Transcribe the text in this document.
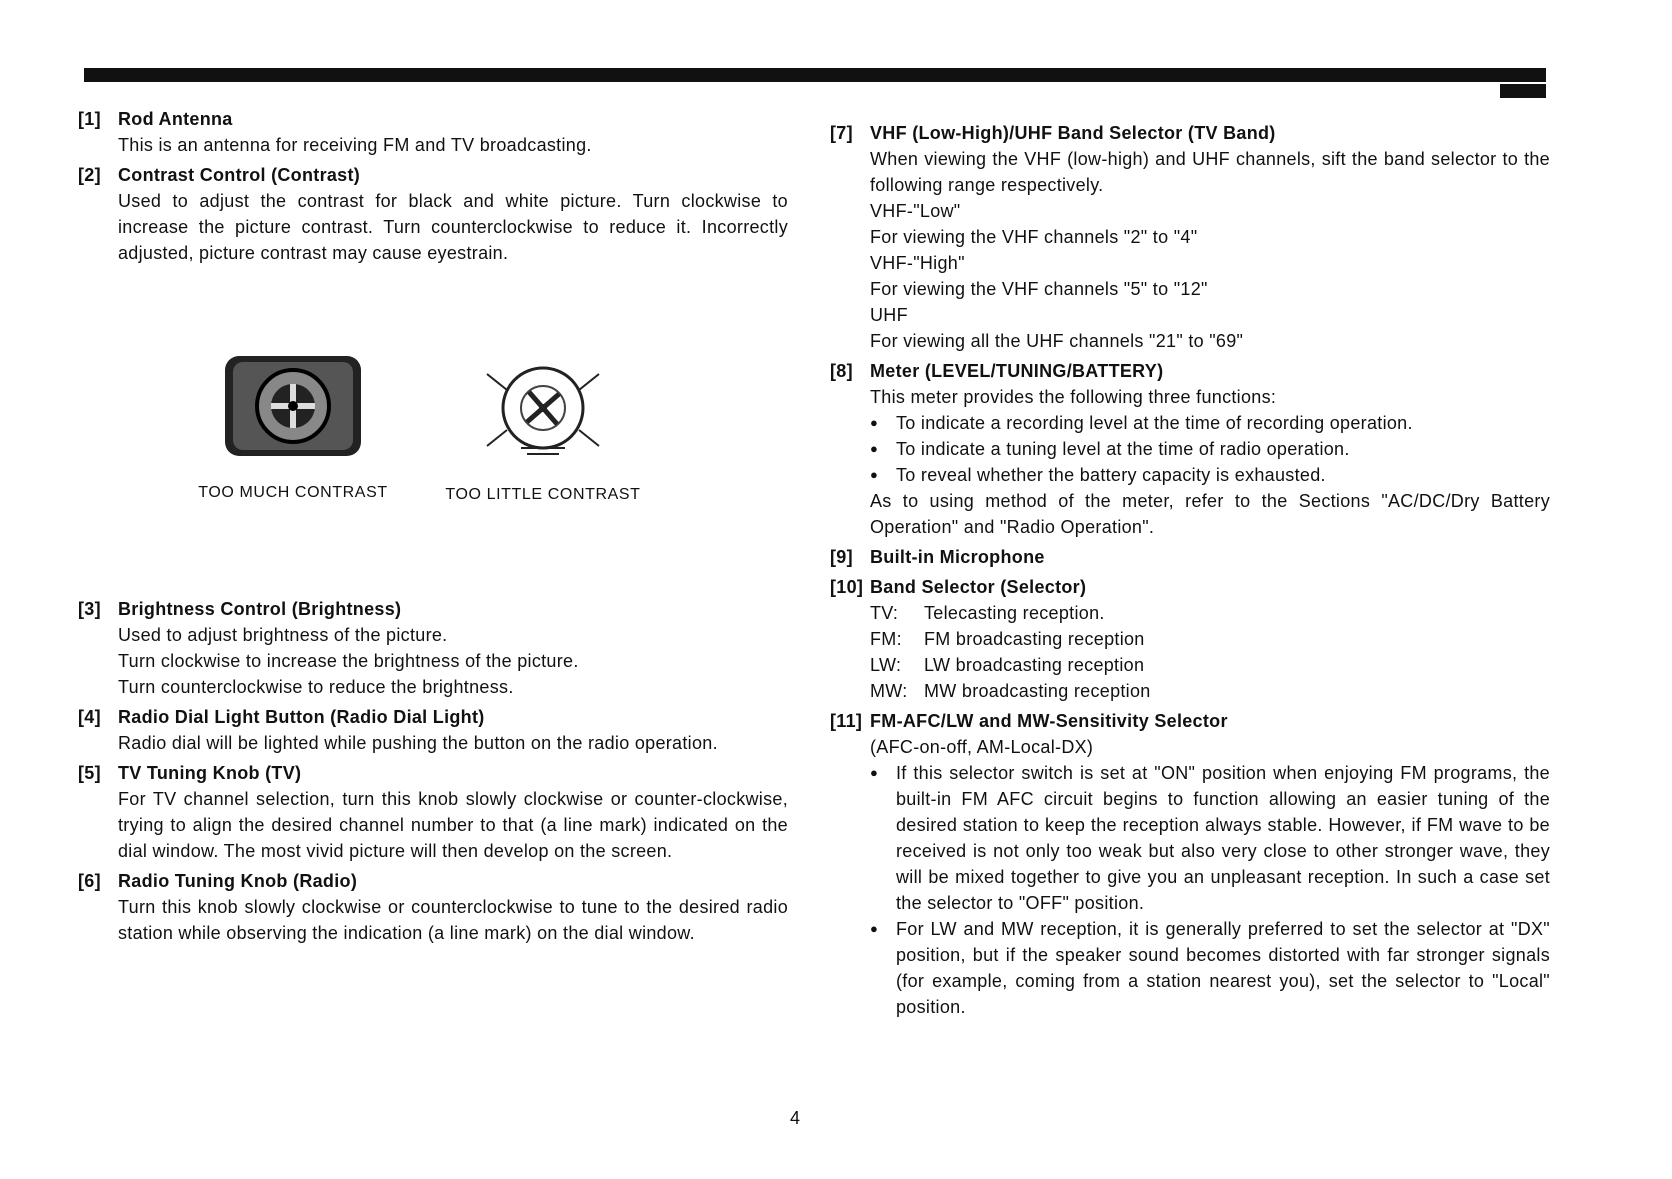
[1] Rod Antenna

This is an antenna for receiving FM and TV broadcasting.

[2] Contrast Control (Contrast)

Used to adjust the contrast for black and white picture. Turn clockwise to increase the picture contrast. Turn counterclockwise to reduce it. Incorrectly adjusted, picture contrast may cause eyestrain.

TOO MUCH CONTRAST	TOO LITTLE CONTRAST
[3] Brightness Control (Brightness)

Used to adjust brightness of the picture.

Turn clockwise to increase the brightness of the picture.

Turn counterclockwise to reduce the brightness.

[4] Radio Dial Light Button (Radio Dial Light)

Radio dial will be lighted while pushing the button on the radio operation.

[5] TV Tuning Knob (TV)

For TV channel selection, turn this knob slowly clockwise or counter-clockwise, trying to align the desired channel number to that (a line mark) indicated on the dial window. The most vivid picture will then develop on the screen.

[6] Radio Tuning Knob (Radio)

Turn this knob slowly clockwise or counterclockwise to tune to the desired radio station while observing the indication (a line mark) on the dial window.

[7] VHF (Low-High)/UHF Band Selector (TV Band)

When viewing the VHF (low-high) and UHF channels, sift the band selector to the following range respectively.

VHF-"Low"

For viewing the VHF channels "2" to "4"

VHF-"High"

For viewing the VHF channels "5" to "12"

UHF

For viewing all the UHF channels "21" to "69"

[8] Meter (LEVEL/TUNING/BATTERY)

This meter provides the following three functions:

● To indicate a recording level at the time of recording operation.

● To indicate a tuning level at the time of radio operation.

● To reveal whether the battery capacity is exhausted.

As to using method of the meter, refer to the Sections "AC/DC/Dry Battery Operation" and "Radio Operation".

[9] Built-in Microphone
[10] Band Selector (Selector)
TV:	Telecasting reception.
FM:	FM broadcasting reception
LW:	LW broadcasting reception
MW: MW broadcasting reception
[11] FM-AFC/LW and MW-Sensitivity Selector

(AFC-on-off, AM-Local-DX)

● If this selector switch is set at "ON" position when enjoying FM programs, the built-in FM AFC circuit begins to function allowing an easier tuning of the desired station to keep the reception always stable. However, if FM wave to be received is not only too weak but also very close to other stronger wave, they will be mixed together to give you an unpleasant reception. In such a case set the selector to "OFF" position.

● For LW and MW reception, it is generally preferred to set the selector at "DX" position, but if the speaker sound becomes distorted with far stronger signals (for example, coming from a station nearest you), set the selector to "Local" position.

4
